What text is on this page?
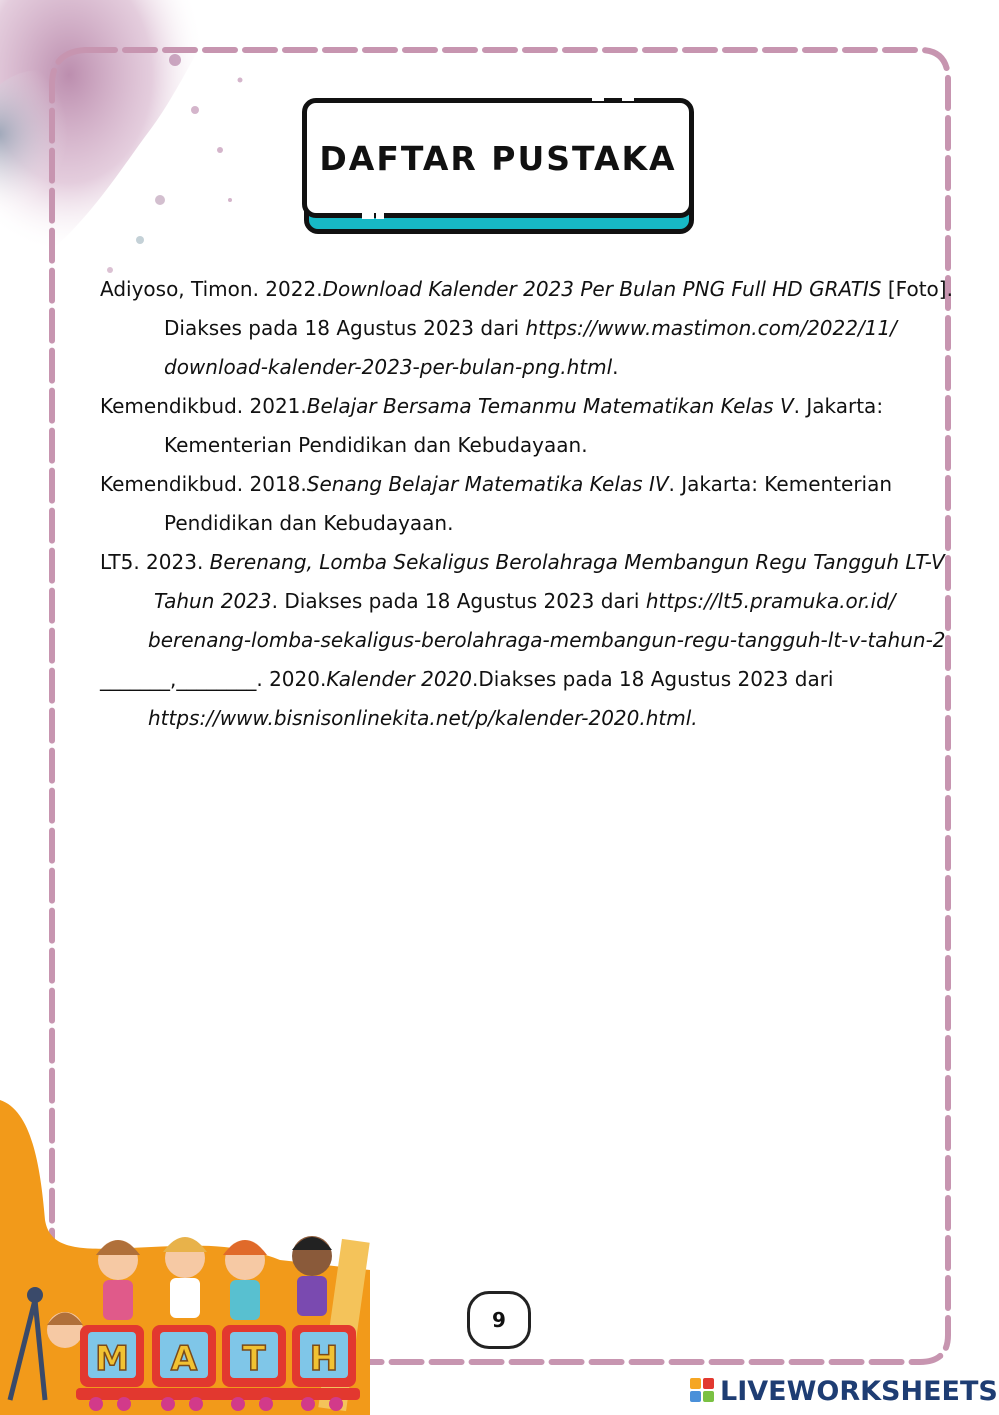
DAFTAR PUSTAKA
Adiyoso, Timon. 2022.Download Kalender 2023 Per Bulan PNG Full HD GRATIS [Foto].
Diakses pada 18 Agustus 2023 dari https://www.mastimon.com/2022/11/
download-kalender-2023-per-bulan-png.html.
Kemendikbud. 2021.Belajar Bersama Temanmu Matematikan Kelas V. Jakarta:
Kementerian Pendidikan dan Kebudayaan.
Kemendikbud. 2018.Senang Belajar Matematika Kelas IV. Jakarta: Kementerian
Pendidikan dan Kebudayaan.
LT5. 2023. Berenang, Lomba Sekaligus Berolahraga Membangun Regu Tangguh LT-V
Tahun 2023. Diakses pada 18 Agustus 2023 dari https://lt5.pramuka.or.id/
berenang-lomba-sekaligus-berolahraga-membangun-regu-tangguh-lt-v-tahun-2
_______,________. 2020.Kalender 2020.Diakses pada 18 Agustus 2023 dari
https://www.bisnisonlinekita.net/p/kalender-2020.html.
M A T H
9
LIVEWORKSHEETS
